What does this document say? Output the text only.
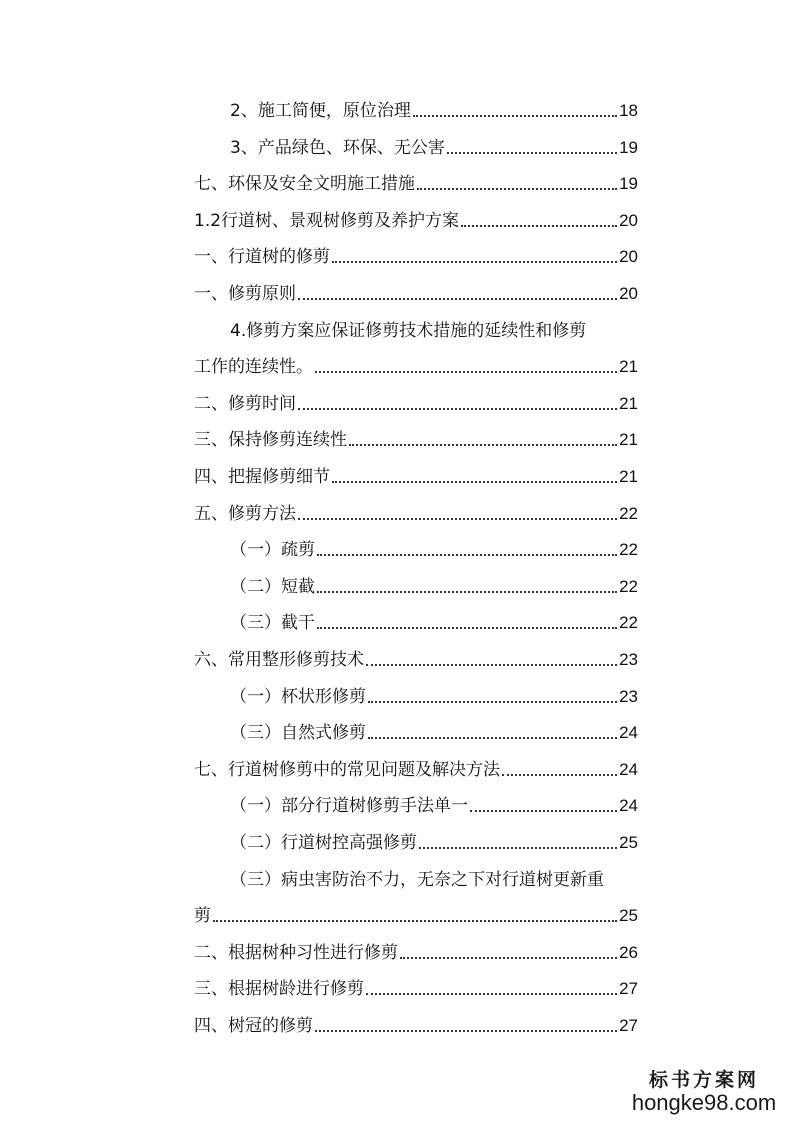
2、施工简便，原位治理	18
3、产品绿色、环保、无公害	19
七、环保及安全文明施工措施	19
1.2行道树、景观树修剪及养护方案	20
一、行道树的修剪	20
一、修剪原则	20
4.修剪方案应保证修剪技术措施的延续性和修剪
工作的连续性。	21
二、修剪时间	21
三、保持修剪连续性	21
四、把握修剪细节	21
五、修剪方法	22
（一）疏剪	22
（二）短截	22
（三）截干	22
六、常用整形修剪技术	23
（一）杯状形修剪	23
（三）自然式修剪	24
七、行道树修剪中的常见问题及解决方法	24
（一）部分行道树修剪手法单一	24
（二）行道树控高强修剪	25
（三）病虫害防治不力，无奈之下对行道树更新重
剪	25
二、根据树种习性进行修剪	26
三、根据树龄进行修剪	27
四、树冠的修剪	27
标书方案网
hongke98.com
